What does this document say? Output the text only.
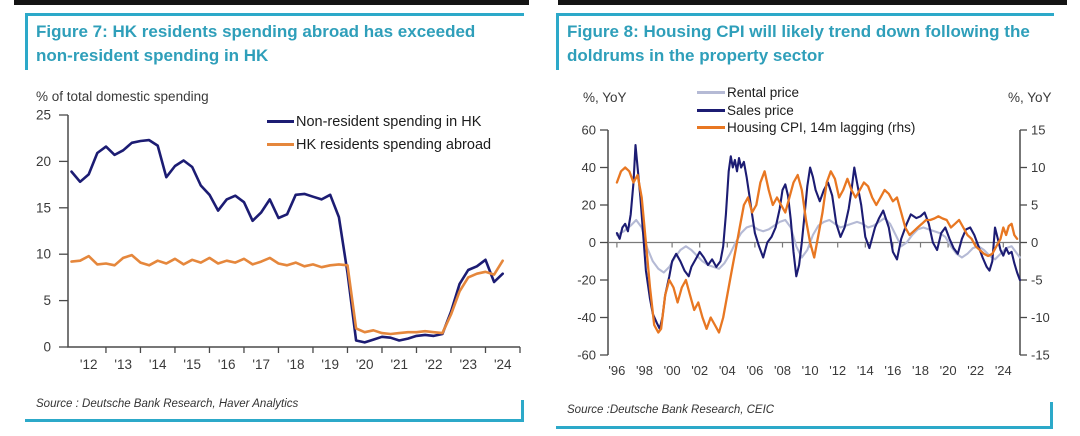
Figure 7: HK residents spending abroad has exceeded non-resident spending in HK
% of total domestic spending
25
20
15
10
5
0
'12 '13 '14 '15 '16 '17 '18 '19 '20 '21 '22 '23 '24
Non-resident spending in HK
HK residents spending abroad
Source : Deutsche Bank Research, Haver Analytics
Figure 8: Housing CPI will likely trend down following the doldrums in the property sector
%, YoY	%, YoY
60
40
20
0
-20
-40
-60
15
10
5
0
-5
-10
-15
'96 '98 '00 '02 '04 '06 '08 '10 '12 '14 '16 '18 '20 '22 '24
Rental price
Sales price
Housing CPI, 14m lagging (rhs)
Source :Deutsche Bank Research, CEIC
